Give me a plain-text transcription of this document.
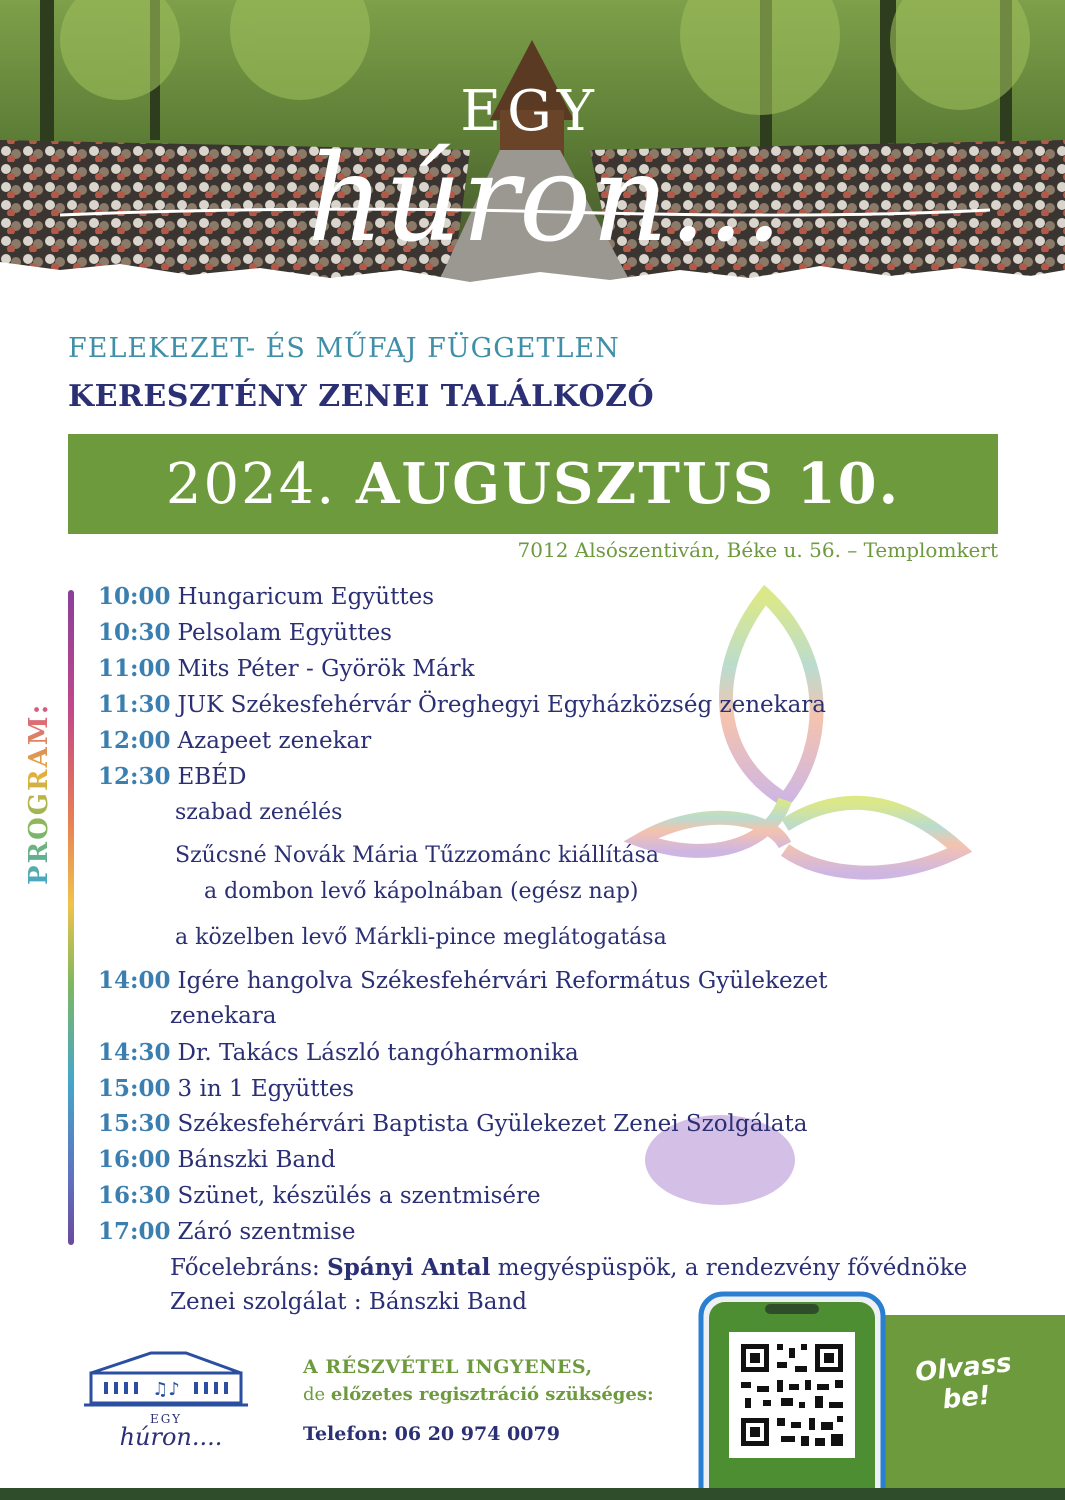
EGY
húron...
FELEKEZET- ÉS MŰFAJ FÜGGETLEN
KERESZTÉNY ZENEI TALÁLKOZÓ
2024. AUGUSZTUS 10.
7012 Alsószentiván, Béke u. 56. – Templomkert
PROGRAM:
10:00 Hungaricum Együttes
10:30 Pelsolam Együttes
11:00 Mits Péter - Györök Márk
11:30 JUK Székesfehérvár Öreghegyi Egyházközség zenekara
12:00 Azapeet zenekar
12:30 EBÉD
szabad zenélés
Szűcsné Novák Mária Tűzzománc kiállítása
a dombon levő kápolnában (egész nap)
a közelben levő Márkli-pince meglátogatása
14:00 Igére hangolva Székesfehérvári Református Gyülekezet
zenekara
14:30 Dr. Takács László tangóharmonika
15:00 3 in 1 Együttes
15:30 Székesfehérvári Baptista Gyülekezet Zenei Szolgálata
16:00 Bánszki Band
16:30 Szünet, készülés a szentmisére
17:00 Záró szentmise
Főcelebráns: Spányi Antal megyéspüspök, a rendezvény fővédnöke
Zenei szolgálat : Bánszki Band
♫♪
EGY
húron....
A RÉSZVÉTEL INGYENES,
de előzetes regisztráció szükséges:
Telefon: 06 20 974 0079
Olvass
be!
